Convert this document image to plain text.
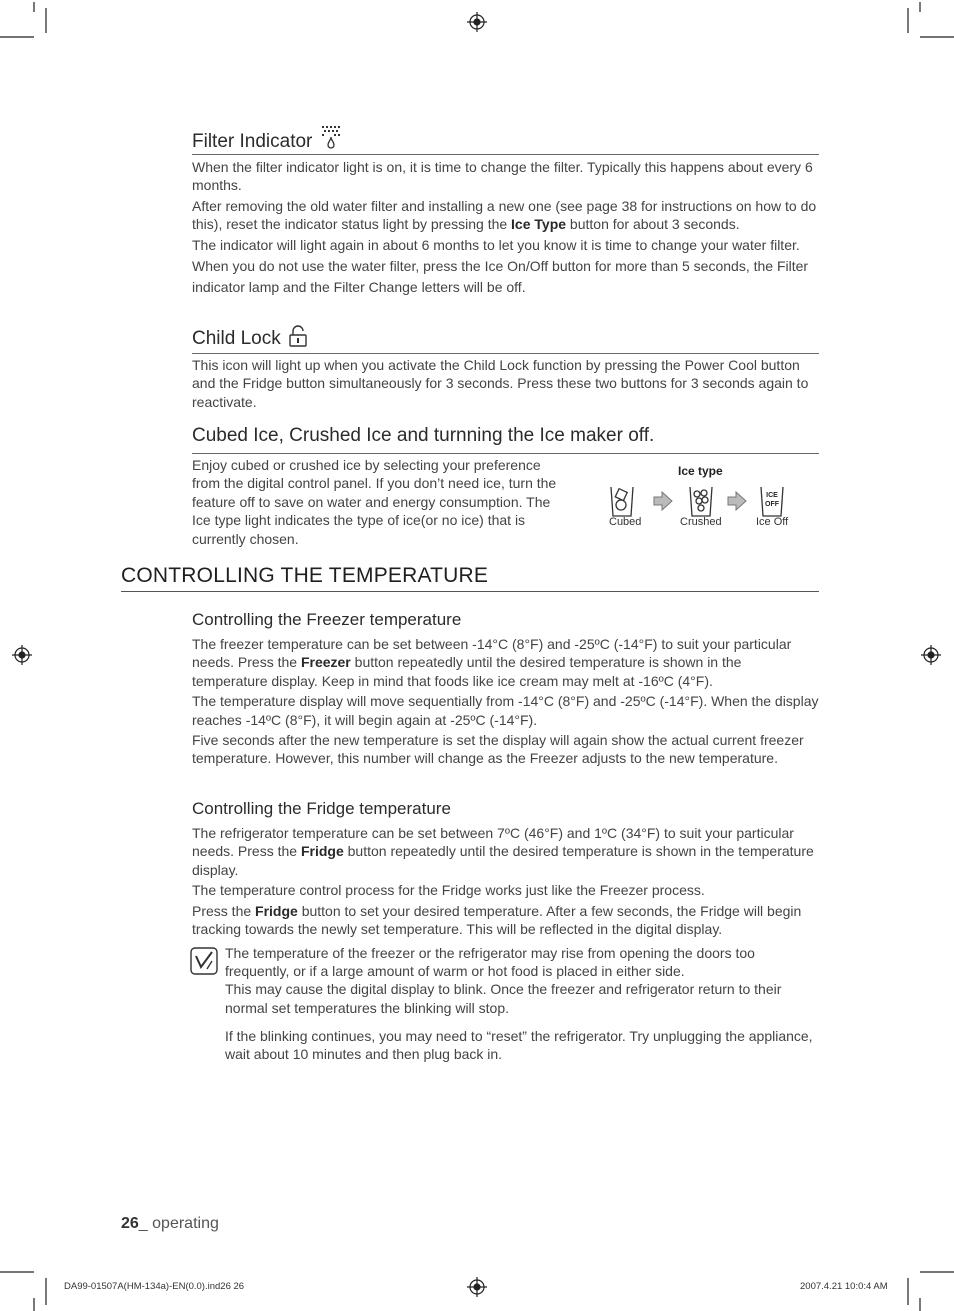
Filter Indicator

When the filter indicator light is on, it is time to change the filter. Typically this happens about every 6 months.

After removing the old water filter and installing a new one (see page 38 for instructions on how to do this), reset the indicator status light by pressing the Ice Type button for about 3 seconds.

The indicator will light again in about 6 months to let you know it is time to change your water filter.

When you do not use the water filter, press the Ice On/Off button for more than 5 seconds, the Filter indicator lamp and the Filter Change letters will be off.

Child Lock
This icon will light up when you activate the Child Lock function by pressing the Power Cool button and the Fridge button simultaneously for 3 seconds. Press these two buttons for 3 seconds again to reactivate.
Cubed Ice, Crushed Ice and turnning the Ice maker off.
Enjoy cubed or crushed ice by selecting your preference from the digital control panel. If you don’t need ice, turn the feature off to save on water and energy consumption. The Ice type light indicates the type of ice(or no ice) that is currently chosen.
Ice type
ICE
OFF
Cubed	Crushed	Ice Off
CONTROLLING THE TEMPERATURE
Controlling the Freezer temperature

The freezer temperature can be set between -14°C (8°F) and -25ºC (-14°F) to suit your particular needs. Press the Freezer button repeatedly until the desired temperature is shown in the temperature display. Keep in mind that foods like ice cream may melt at -16ºC (4°F).

The temperature display will move sequentially from -14°C (8°F) and -25ºC (-14°F). When the display reaches -14ºC (8°F), it will begin again at -25ºC (-14°F).

Five seconds after the new temperature is set the display will again show the actual current freezer temperature. However, this number will change as the Freezer adjusts to the new temperature.

Controlling the Fridge temperature

The refrigerator temperature can be set between 7ºC (46°F) and 1ºC (34°F) to suit your particular needs. Press the Fridge button repeatedly until the desired temperature is shown in the temperature display.

The temperature control process for the Fridge works just like the Freezer process.

Press the Fridge button to set your desired temperature. After a few seconds, the Fridge will begin tracking towards the newly set temperature. This will be reflected in the digital display.

The temperature of the freezer or the refrigerator may rise from opening the doors too frequently, or if a large amount of warm or hot food is placed in either side.

This may cause the digital display to blink. Once the freezer and refrigerator return to their normal set temperatures the blinking will stop.

If the blinking continues, you may need to “reset” the refrigerator. Try unplugging the appliance, wait about 10 minutes and then plug back in.

26_ operating
DA99-01507A(HM-134a)-EN(0.0).ind26 26	2007.4.21 10:0:4 AM
